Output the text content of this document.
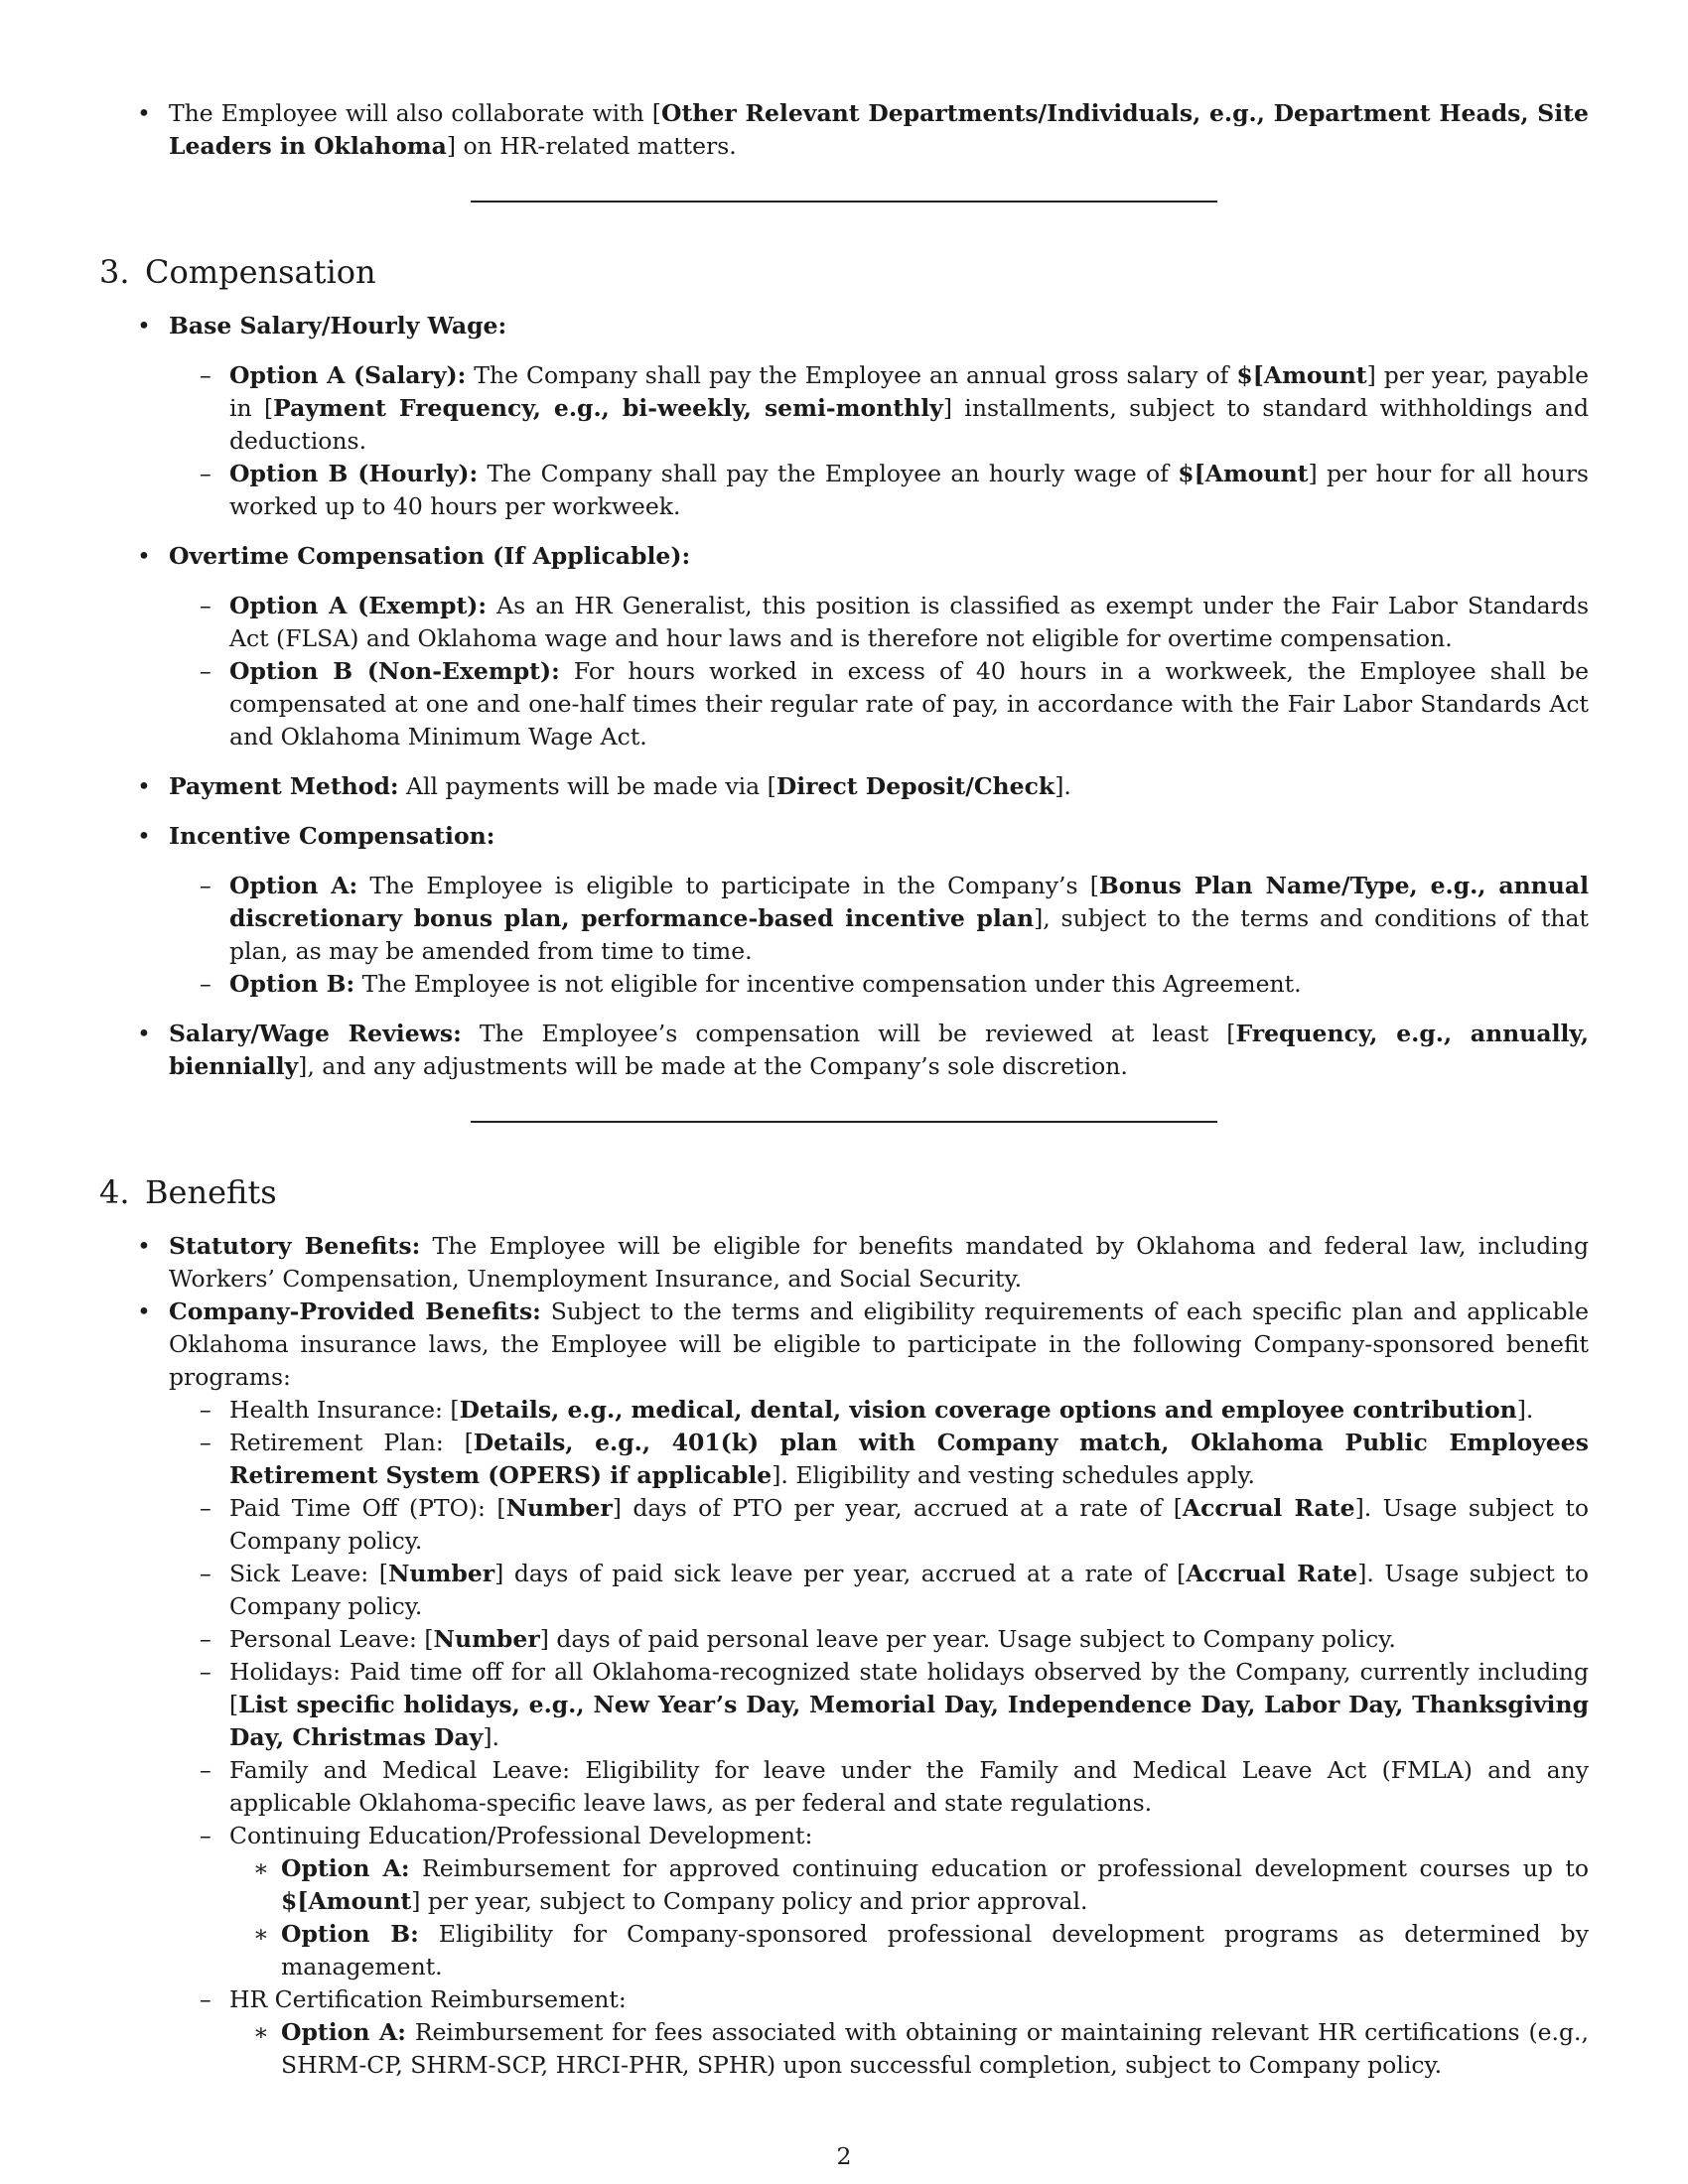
• The Employee will also collaborate with [Other Relevant Departments/Individuals, e.g., Department Heads, Site Leaders in Oklahoma] on HR-related matters.
3. Compensation
• Base Salary/Hourly Wage:
– Option A (Salary): The Company shall pay the Employee an annual gross salary of $[Amount] per year, payable in [Payment Frequency, e.g., bi-weekly, semi-monthly] installments, subject to standard withholdings and deductions.
– Option B (Hourly): The Company shall pay the Employee an hourly wage of $[Amount] per hour for all hours worked up to 40 hours per workweek.
• Overtime Compensation (If Applicable):
– Option A (Exempt): As an HR Generalist, this position is classified as exempt under the Fair Labor Standards Act (FLSA) and Oklahoma wage and hour laws and is therefore not eligible for overtime compensation.
– Option B (Non-Exempt): For hours worked in excess of 40 hours in a workweek, the Employee shall be compensated at one and one-half times their regular rate of pay, in accordance with the Fair Labor Standards Act and Oklahoma Minimum Wage Act.
• Payment Method: All payments will be made via [Direct Deposit/Check].
• Incentive Compensation:
– Option A: The Employee is eligible to participate in the Company’s [Bonus Plan Name/Type, e.g., annual discretionary bonus plan, performance-based incentive plan], subject to the terms and conditions of that plan, as may be amended from time to time.
– Option B: The Employee is not eligible for incentive compensation under this Agreement.
• Salary/Wage Reviews: The Employee’s compensation will be reviewed at least [Frequency, e.g., annually, biennially], and any adjustments will be made at the Company’s sole discretion.
4. Benefits
• Statutory Benefits: The Employee will be eligible for benefits mandated by Oklahoma and federal law, including Workers’ Compensation, Unemployment Insurance, and Social Security.
• Company-Provided Benefits: Subject to the terms and eligibility requirements of each specific plan and applicable Oklahoma insurance laws, the Employee will be eligible to participate in the following Company-sponsored benefit programs:
– Health Insurance: [Details, e.g., medical, dental, vision coverage options and employee contribution].
– Retirement Plan: [Details, e.g., 401(k) plan with Company match, Oklahoma Public Employees Retirement System (OPERS) if applicable]. Eligibility and vesting schedules apply.
– Paid Time Off (PTO): [Number] days of PTO per year, accrued at a rate of [Accrual Rate]. Usage subject to Company policy.
– Sick Leave: [Number] days of paid sick leave per year, accrued at a rate of [Accrual Rate]. Usage subject to Company policy.
– Personal Leave: [Number] days of paid personal leave per year. Usage subject to Company policy.
– Holidays: Paid time off for all Oklahoma-recognized state holidays observed by the Company, currently including [List specific holidays, e.g., New Year’s Day, Memorial Day, Independence Day, Labor Day, Thanksgiving Day, Christmas Day].
– Family and Medical Leave: Eligibility for leave under the Family and Medical Leave Act (FMLA) and any applicable Oklahoma-specific leave laws, as per federal and state regulations.
– Continuing Education/Professional Development:
∗ Option A: Reimbursement for approved continuing education or professional development courses up to $[Amount] per year, subject to Company policy and prior approval.
∗ Option B: Eligibility for Company-sponsored professional development programs as determined by management.
– HR Certification Reimbursement:
∗ Option A: Reimbursement for fees associated with obtaining or maintaining relevant HR certifications (e.g., SHRM-CP, SHRM-SCP, HRCI-PHR, SPHR) upon successful completion, subject to Company policy.
2
